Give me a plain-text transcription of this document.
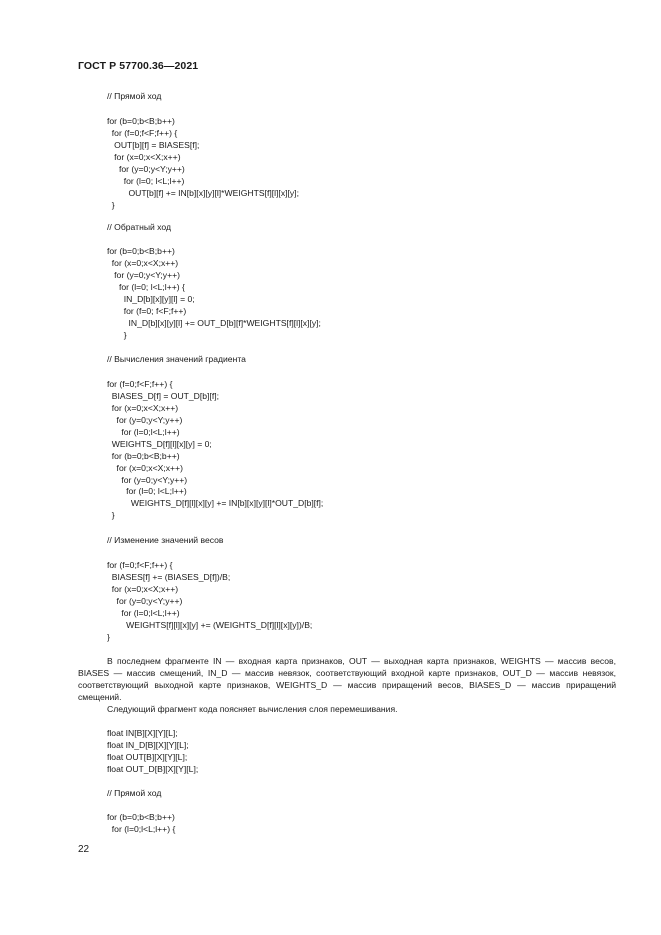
ГОСТ Р 57700.36—2021
// Прямой ход
for (b=0;b<B;b++)
for (f=0;f<F;f++) {
OUT[b][f] = BIASES[f];
for (x=0;x<X;x++)
for (y=0;y<Y;y++)
for (l=0; l<L;l++)
OUT[b][f] += IN[b][x][y][l]*WEIGHTS[f][l][x][y];
}
// Обратный ход
for (b=0;b<B;b++)
for (x=0;x<X;x++)
for (y=0;y<Y;y++)
for (l=0; l<L;l++) {
IN_D[b][x][y][l] = 0;
for (f=0; f<F;f++)
IN_D[b][x][y][l] += OUT_D[b][f]*WEIGHTS[f][l][x][y];
}
// Вычисления значений градиента
for (f=0;f<F;f++) {
BIASES_D[f] = OUT_D[b][f];
for (x=0;x<X;x++)
for (y=0;y<Y;y++)
for (l=0;l<L;l++)
WEIGHTS_D[f][l][x][y] = 0;
for (b=0;b<B;b++)
for (x=0;x<X;x++)
for (y=0;y<Y;y++)
for (l=0; l<L;l++)
WEIGHTS_D[f][l][x][y] += IN[b][x][y][l]*OUT_D[b][f];
}
// Изменение значений весов
for (f=0;f<F;f++) {
BIASES[f] += (BIASES_D[f])/B;
for (x=0;x<X;x++)
for (y=0;y<Y;y++)
for (l=0;l<L;l++)
WEIGHTS[f][l][x][y] += (WEIGHTS_D[f][l][x][y])/B;
}
В последнем фрагменте IN — входная карта признаков, OUT — выходная карта признаков, WEIGHTS — массив весов, BIASES — массив смещений, IN_D — массив невязок, соответствующий входной карте признаков, OUT_D — массив невязок, соответствующий выходной карте признаков, WEIGHTS_D — массив приращений весов, BIASES_D — массив приращений смещений.
Следующий фрагмент кода поясняет вычисления слоя перемешивания.
float IN[B][X][Y][L];
float IN_D[B][X][Y][L];
float OUT[B][X][Y][L];
float OUT_D[B][X][Y][L];
// Прямой ход
for (b=0;b<B;b++)
for (l=0;l<L;l++) {
22
